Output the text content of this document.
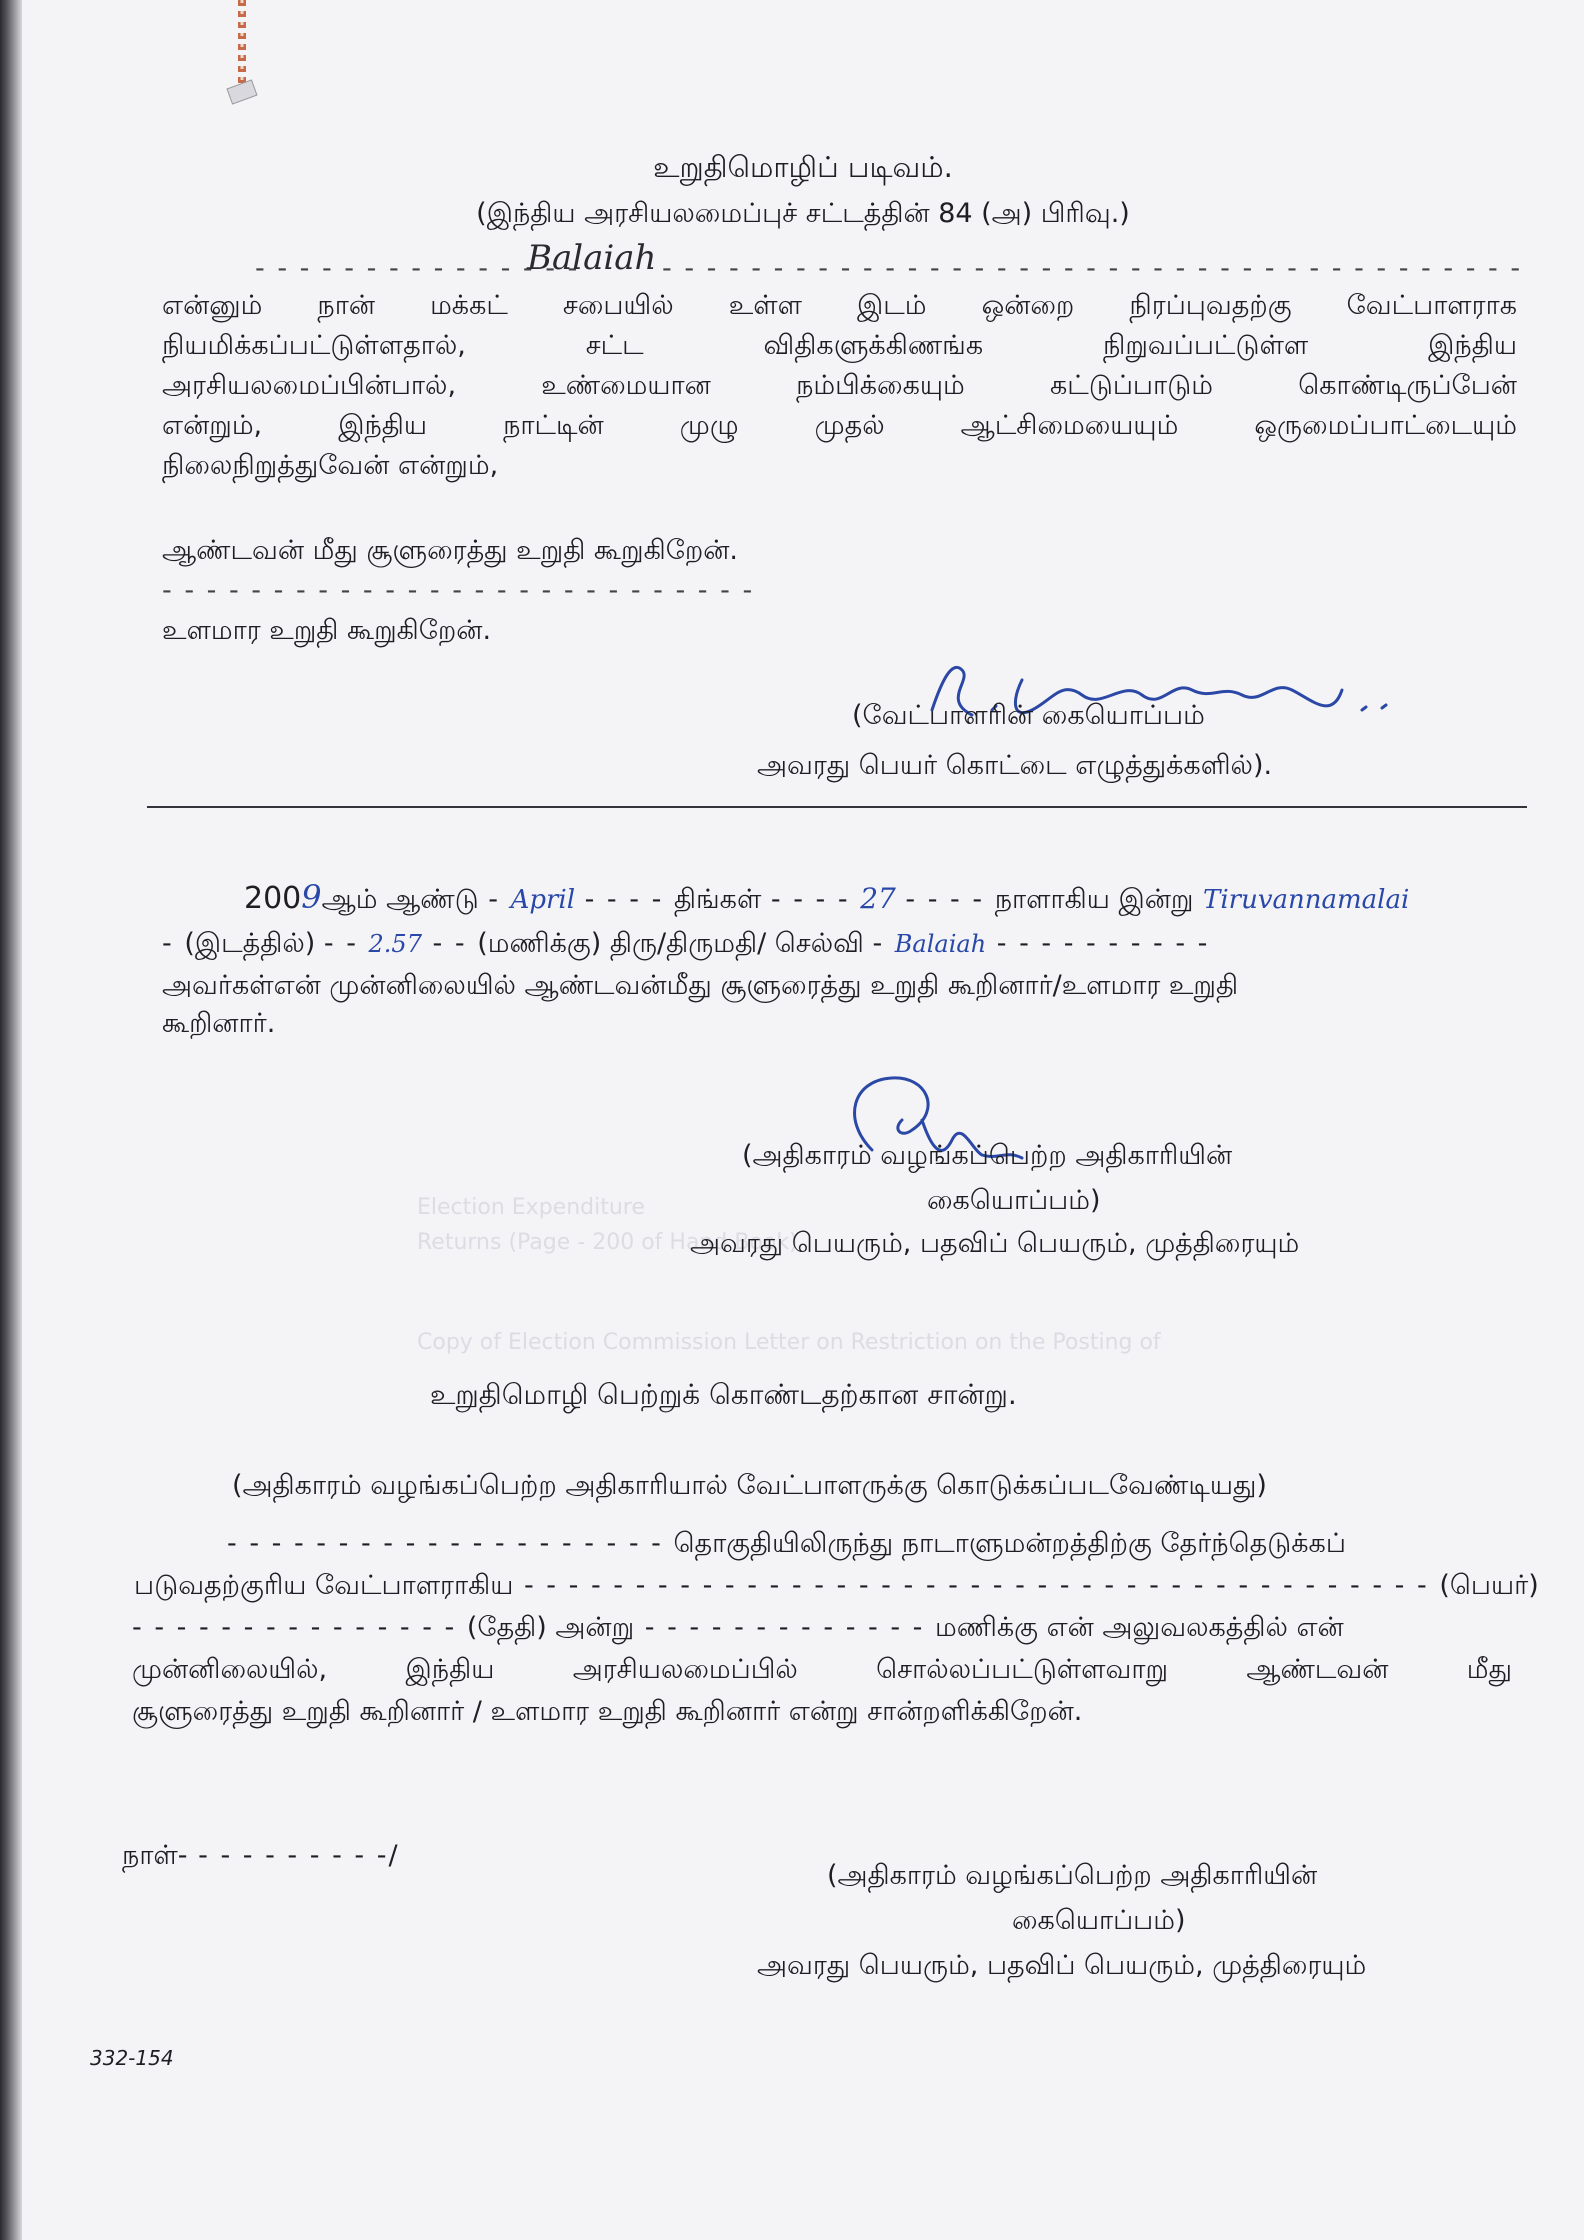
Election Expenditure
Returns (Page - 200 of Hand Book)
Copy of Election Commission Letter on Restriction on the Posting of
உறுதிமொழிப் படிவம்.
(இந்திய அரசியலமைப்புச் சட்டத்தின் 84 (அ) பிரிவு.)
- - - - - - - - - - - - - - -
Balaiah - - - - - - - - - - - - - - - - - - - - - - - - - - - - - - - - - - - - - - -
என்னும் நான் மக்கட் சபையில் உள்ள இடம் ஒன்றை நிரப்புவதற்கு வேட்பாளராக
நியமிக்கப்பட்டுள்ளதால், சட்ட விதிகளுக்கிணங்க நிறுவப்பட்டுள்ள இந்திய
அரசியலமைப்பின்பால், உண்மையான நம்பிக்கையும் கட்டுப்பாடும் கொண்டிருப்பேன்
என்றும், இந்திய நாட்டின் முழு முதல் ஆட்சிமையையும் ஒருமைப்பாட்டையும்
நிலைநிறுத்துவேன் என்றும்,
ஆண்டவன் மீது சூளுரைத்து உறுதி கூறுகிறேன்.
- - - - - - - - - - - - - - - - - - - - - - - - - - -
உளமார உறுதி கூறுகிறேன்.
(வேட்பாளரின் கையொப்பம்
அவரது பெயர் கொட்டை எழுத்துக்களில்).
2009ஆம் ஆண்டு - April - - - - திங்கள் - - - - 27 - - - - நாளாகிய இன்று Tiruvannamalai
- (இடத்தில்) - - 2.57 - - (மணிக்கு) திரு/திருமதி/ செல்வி - Balaiah - - - - - - - - - -
அவர்கள்என் முன்னிலையில் ஆண்டவன்மீது சூளுரைத்து உறுதி கூறினார்/உளமார உறுதி
கூறினார்.
(அதிகாரம் வழங்கப்பெற்ற அதிகாரியின்
கையொப்பம்)
அவரது பெயரும், பதவிப் பெயரும், முத்திரையும்
உறுதிமொழி பெற்றுக் கொண்டதற்கான சான்று.
(அதிகாரம் வழங்கப்பெற்ற அதிகாரியால் வேட்பாளருக்கு கொடுக்கப்படவேண்டியது)
- - - - - - - - - - - - - - - - - - - - தொகுதியிலிருந்து நாடாளுமன்றத்திற்கு தேர்ந்தெடுக்கப்
படுவதற்குரிய வேட்பாளராகிய - - - - - - - - - - - - - - - - - - - - - - - - - - - - - - - - - - - - - - - - - (பெயர்)
- - - - - - - - - - - - - - - (தேதி) அன்று - - - - - - - - - - - - - மணிக்கு என் அலுவலகத்தில் என்
முன்னிலையில், இந்திய அரசியலமைப்பில் சொல்லப்பட்டுள்ளவாறு ஆண்டவன் மீது
சூளுரைத்து உறுதி கூறினார் / உளமார உறுதி கூறினார் என்று சான்றளிக்கிறேன்.
நாள்- - - - - - - - - -/
(அதிகாரம் வழங்கப்பெற்ற அதிகாரியின்
கையொப்பம்)
அவரது பெயரும், பதவிப் பெயரும், முத்திரையும்
332-154
